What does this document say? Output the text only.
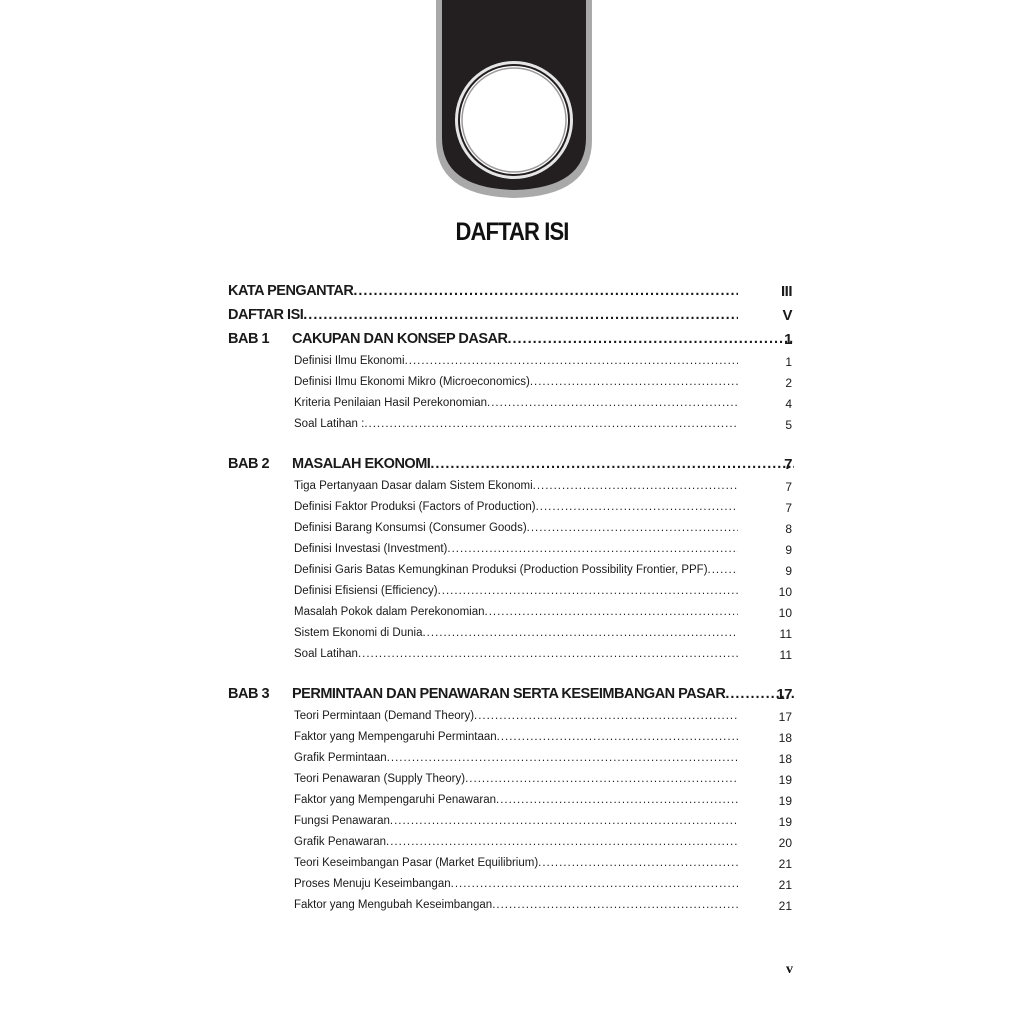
DAFTAR ISI
KATA PENGANTAR .....	III
DAFTAR ISI .....	V
BAB 1	CAKUPAN DAN KONSEP DASAR .....	1
Definisi Ilmu Ekonomi .....	1
Definisi Ilmu Ekonomi Mikro (Microeconomics) .....	2
Kriteria Penilaian Hasil Perekonomian .....	4
Soal Latihan : .....	5
BAB 2	MASALAH EKONOMI .....	7
Tiga Pertanyaan Dasar dalam Sistem Ekonomi .....	7
Definisi Faktor Produksi (Factors of Production) .....	7
Definisi Barang Konsumsi (Consumer Goods) .....	8
Definisi Investasi (Investment) .....	9
Definisi Garis Batas Kemungkinan Produksi (Production Possibility Frontier, PPF) .....	9
Definisi Efisiensi (Efficiency) .....	10
Masalah Pokok dalam Perekonomian .....	10
Sistem Ekonomi di Dunia .....	11
Soal Latihan .....	11
BAB 3	PERMINTAAN DAN PENAWARAN SERTA KESEIMBANGAN PASAR .....	17
Teori Permintaan (Demand Theory) .....	17
Faktor yang Mempengaruhi Permintaan .....	18
Grafik Permintaan .....	18
Teori Penawaran (Supply Theory) .....	19
Faktor yang Mempengaruhi Penawaran .....	19
Fungsi Penawaran .....	19
Grafik Penawaran .....	20
Teori Keseimbangan Pasar (Market Equilibrium) .....	21
Proses Menuju Keseimbangan .....	21
Faktor yang Mengubah Keseimbangan .....	21
v
